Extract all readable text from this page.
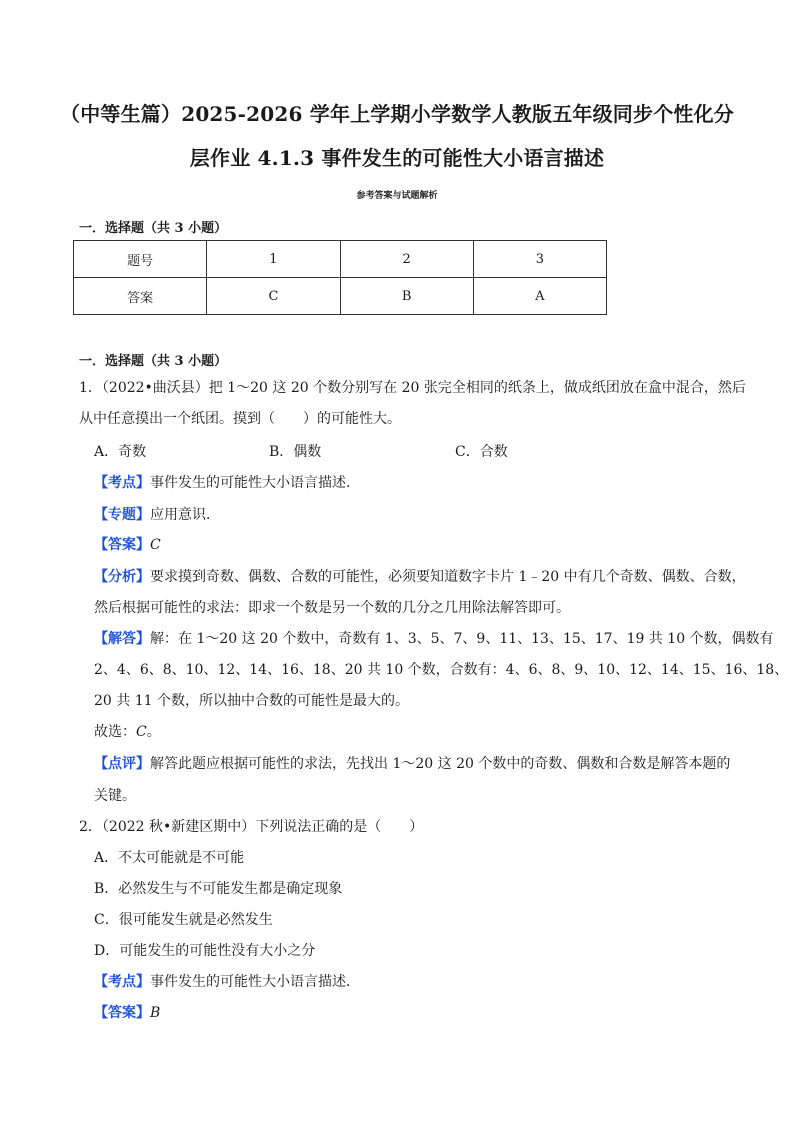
（中等生篇）2025-2026 学年上学期小学数学人教版五年级同步个性化分
层作业 4.1.3 事件发生的可能性大小语言描述
参考答案与试题解析
一．选择题（共 3 小题）
题号	1	2	3
答案	C	B	A
一．选择题（共 3 小题）
1．（2022•曲沃县）把 1～20 这 20 个数分别写在 20 张完全相同的纸条上，做成纸团放在盒中混合，然后
从中任意摸出一个纸团。摸到（　　）的可能性大。
A．奇数	B．偶数	C．合数
【考点】事件发生的可能性大小语言描述．
【专题】应用意识．
【答案】C
【分析】要求摸到奇数、偶数、合数的可能性，必须要知道数字卡片 1﹣20 中有几个奇数、偶数、合数，
然后根据可能性的求法：即求一个数是另一个数的几分之几用除法解答即可。
【解答】解：在 1～20 这 20 个数中，奇数有 1、3、5、7、9、11、13、15、17、19 共 10 个数，偶数有
2、4、6、8、10、12、14、16、18、20 共 10 个数，合数有：4、6、8、9、10、12、14、15、16、18、
20 共 11 个数，所以抽中合数的可能性是最大的。
故选：C。
【点评】解答此题应根据可能性的求法，先找出 1～20 这 20 个数中的奇数、偶数和合数是解答本题的
关键。
2．（2022 秋•新建区期中）下列说法正确的是（　　）
A．不太可能就是不可能
B．必然发生与不可能发生都是确定现象
C．很可能发生就是必然发生
D．可能发生的可能性没有大小之分
【考点】事件发生的可能性大小语言描述．
【答案】B
